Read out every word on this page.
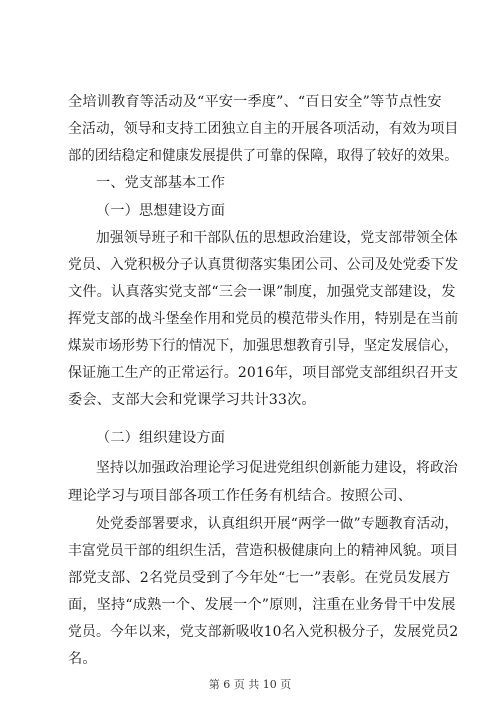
全培训教育等活动及“平安一季度”、“百日安全”等节点性安
全活动，领导和支持工团独立自主的开展各项活动，有效为项目
部的团结稳定和健康发展提供了可靠的保障，取得了较好的效果。
一、党支部基本工作
（一）思想建设方面
加强领导班子和干部队伍的思想政治建设，党支部带领全体
党员、入党积极分子认真贯彻落实集团公司、公司及处党委下发
文件。认真落实党支部“三会一课”制度，加强党支部建设，发
挥党支部的战斗堡垒作用和党员的模范带头作用，特别是在当前
煤炭市场形势下行的情况下，加强思想教育引导，坚定发展信心，
保证施工生产的正常运行。2016年，项目部党支部组织召开支
委会、支部大会和党课学习共计33次。
（二）组织建设方面
坚持以加强政治理论学习促进党组织创新能力建设，将政治
理论学习与项目部各项工作任务有机结合。按照公司、
处党委部署要求，认真组织开展“两学一做”专题教育活动，
丰富党员干部的组织生活，营造积极健康向上的精神风貌。项目
部党支部、2名党员受到了今年处“七一”表彰。在党员发展方
面，坚持“成熟一个、发展一个”原则，注重在业务骨干中发展
党员。今年以来，党支部新吸收10名入党积极分子，发展党员2
名。
第 6 页 共 10 页
